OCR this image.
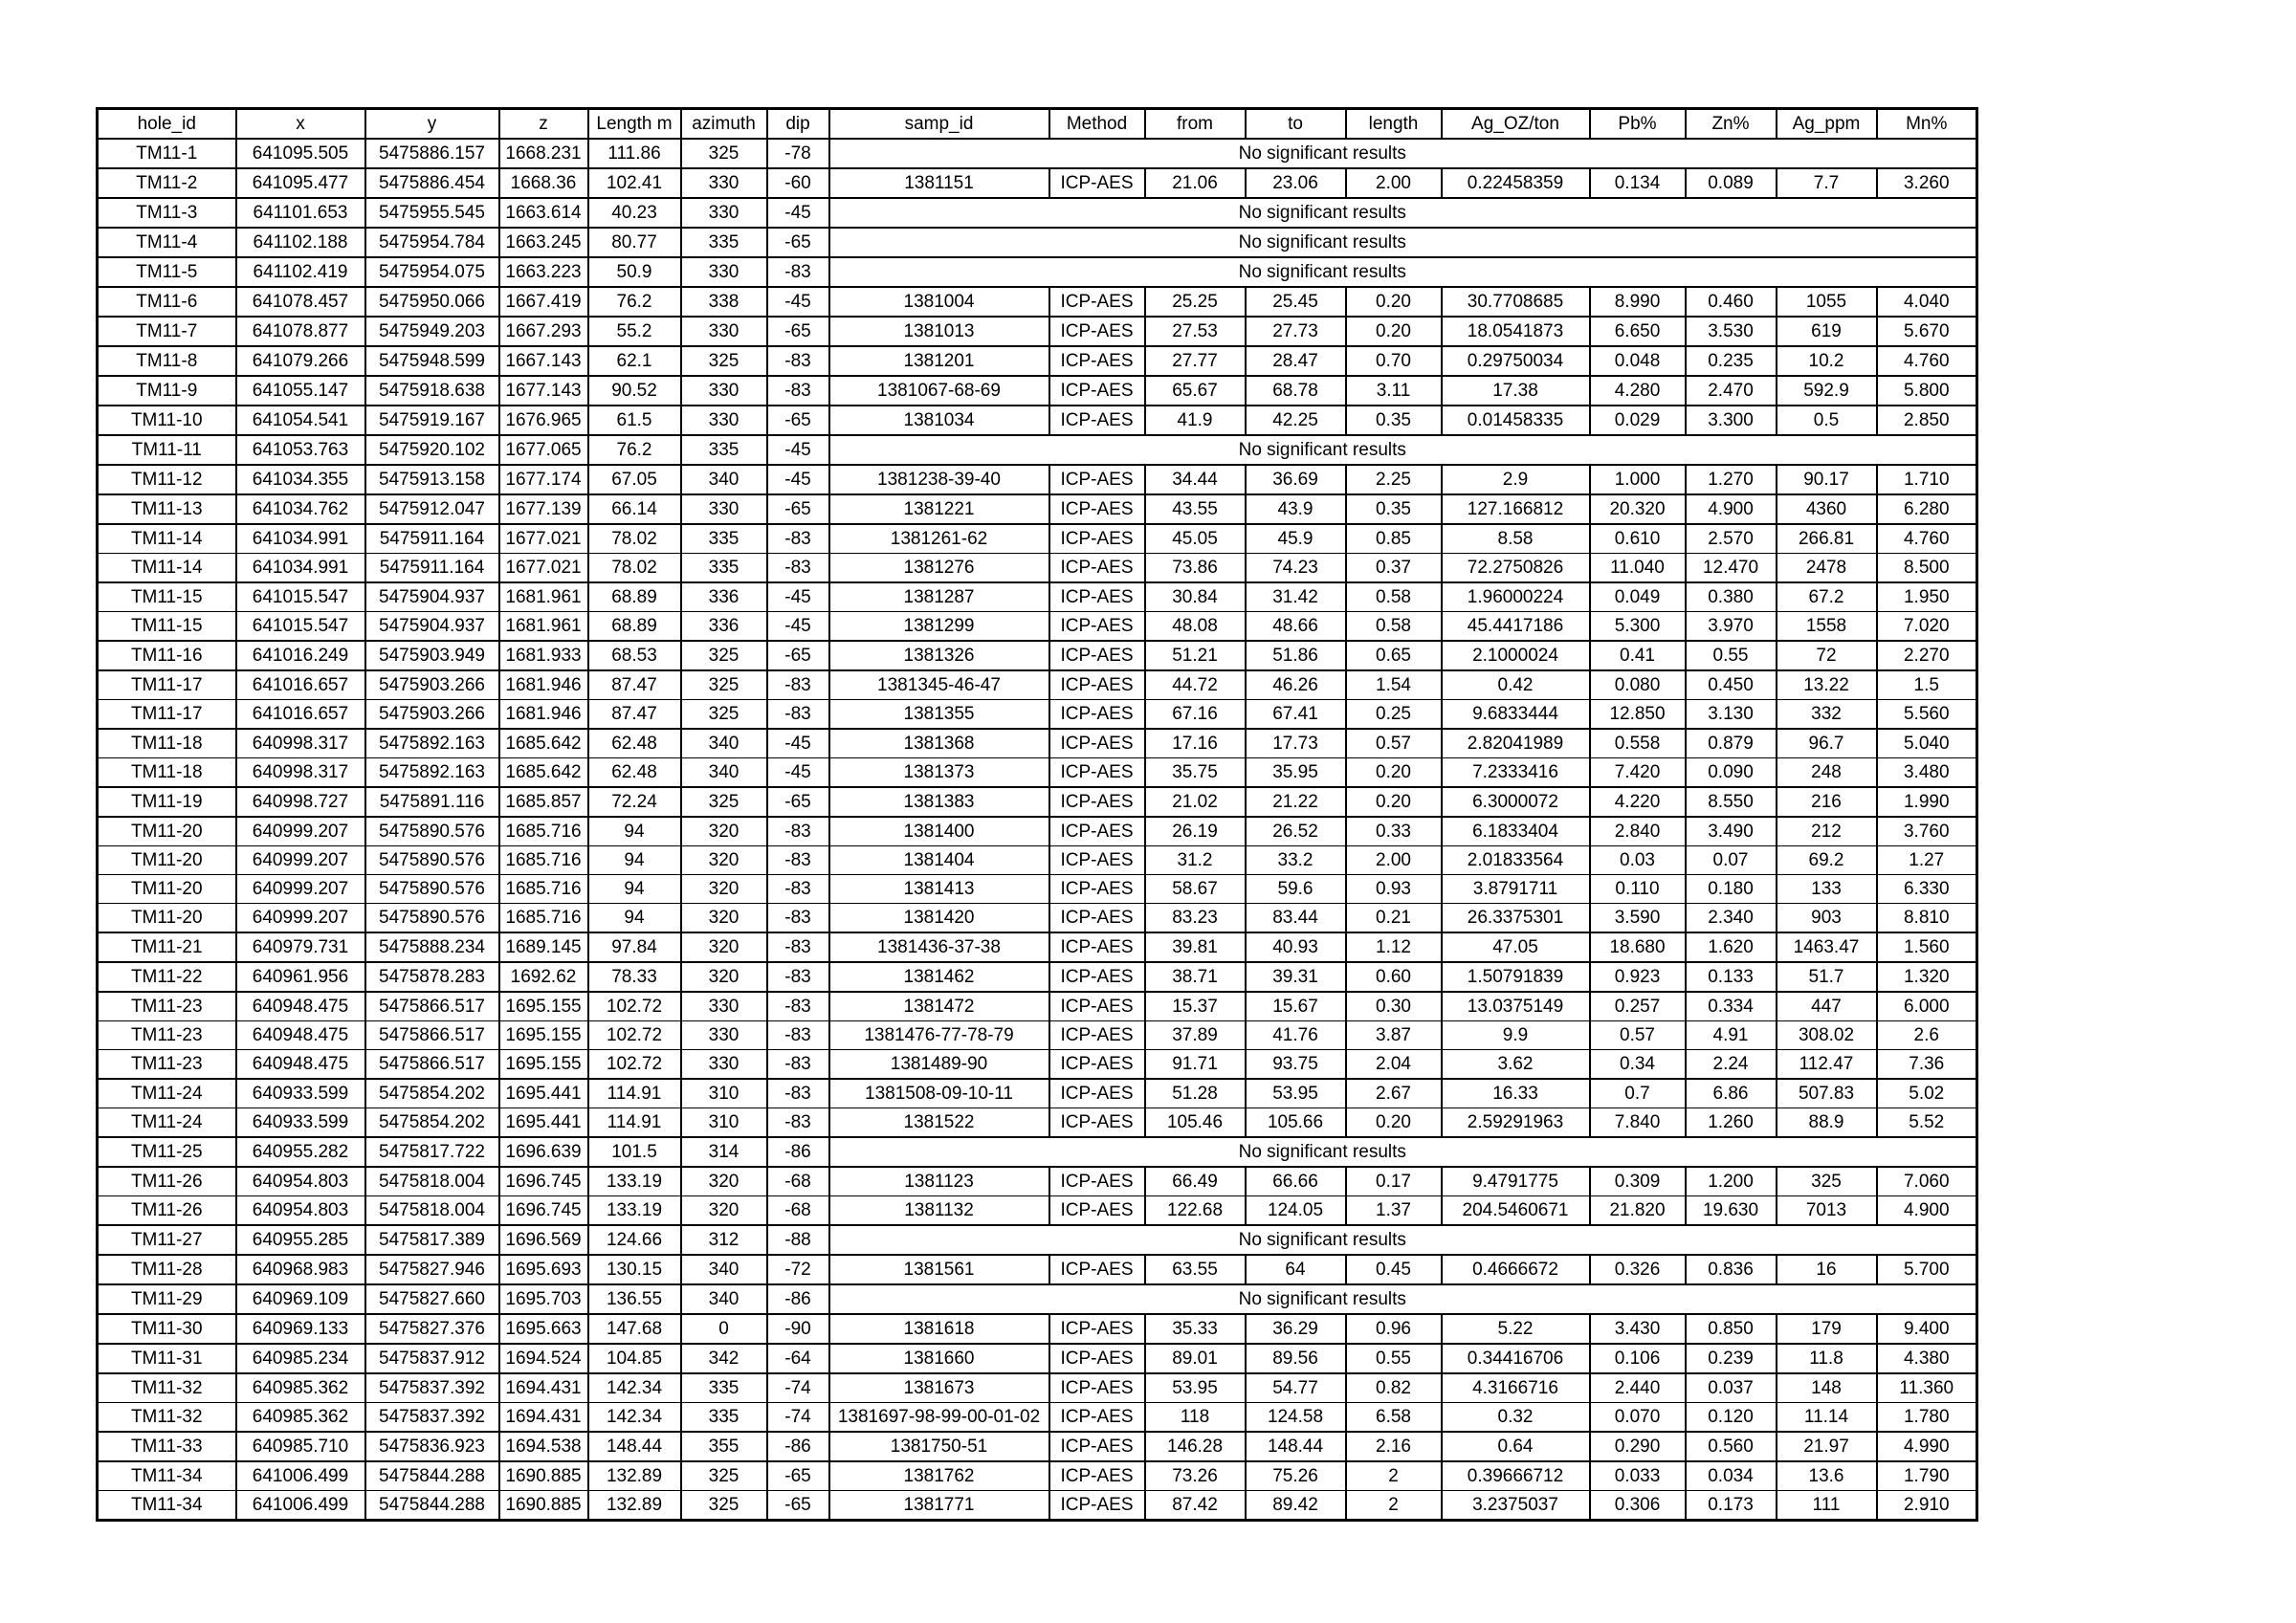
hole_id	x	y	z	Length m	azimuth	dip	samp_id	Method	from	to	length	Ag_OZ/ton	Pb%	Zn%	Ag_ppm	Mn%
TM11-1	641095.505	5475886.157	1668.231	111.86	325	-78	No significant results									
TM11-2	641095.477	5475886.454	1668.36	102.41	330	-60	1381151	ICP-AES	21.06	23.06	2.00	0.22458359	0.134	0.089	7.7	3.260
TM11-3	641101.653	5475955.545	1663.614	40.23	330	-45	No significant results									
TM11-4	641102.188	5475954.784	1663.245	80.77	335	-65	No significant results									
TM11-5	641102.419	5475954.075	1663.223	50.9	330	-83	No significant results									
TM11-6	641078.457	5475950.066	1667.419	76.2	338	-45	1381004	ICP-AES	25.25	25.45	0.20	30.7708685	8.990	0.460	1055	4.040
TM11-7	641078.877	5475949.203	1667.293	55.2	330	-65	1381013	ICP-AES	27.53	27.73	0.20	18.0541873	6.650	3.530	619	5.670
TM11-8	641079.266	5475948.599	1667.143	62.1	325	-83	1381201	ICP-AES	27.77	28.47	0.70	0.29750034	0.048	0.235	10.2	4.760
TM11-9	641055.147	5475918.638	1677.143	90.52	330	-83	1381067-68-69	ICP-AES	65.67	68.78	3.11	17.38	4.280	2.470	592.9	5.800
TM11-10	641054.541	5475919.167	1676.965	61.5	330	-65	1381034	ICP-AES	41.9	42.25	0.35	0.01458335	0.029	3.300	0.5	2.850
TM11-11	641053.763	5475920.102	1677.065	76.2	335	-45	No significant results									
TM11-12	641034.355	5475913.158	1677.174	67.05	340	-45	1381238-39-40	ICP-AES	34.44	36.69	2.25	2.9	1.000	1.270	90.17	1.710
TM11-13	641034.762	5475912.047	1677.139	66.14	330	-65	1381221	ICP-AES	43.55	43.9	0.35	127.166812	20.320	4.900	4360	6.280
TM11-14	641034.991	5475911.164	1677.021	78.02	335	-83	1381261-62	ICP-AES	45.05	45.9	0.85	8.58	0.610	2.570	266.81	4.760
TM11-14	641034.991	5475911.164	1677.021	78.02	335	-83	1381276	ICP-AES	73.86	74.23	0.37	72.2750826	11.040	12.470	2478	8.500
TM11-15	641015.547	5475904.937	1681.961	68.89	336	-45	1381287	ICP-AES	30.84	31.42	0.58	1.96000224	0.049	0.380	67.2	1.950
TM11-15	641015.547	5475904.937	1681.961	68.89	336	-45	1381299	ICP-AES	48.08	48.66	0.58	45.4417186	5.300	3.970	1558	7.020
TM11-16	641016.249	5475903.949	1681.933	68.53	325	-65	1381326	ICP-AES	51.21	51.86	0.65	2.1000024	0.41	0.55	72	2.270
TM11-17	641016.657	5475903.266	1681.946	87.47	325	-83	1381345-46-47	ICP-AES	44.72	46.26	1.54	0.42	0.080	0.450	13.22	1.5
TM11-17	641016.657	5475903.266	1681.946	87.47	325	-83	1381355	ICP-AES	67.16	67.41	0.25	9.6833444	12.850	3.130	332	5.560
TM11-18	640998.317	5475892.163	1685.642	62.48	340	-45	1381368	ICP-AES	17.16	17.73	0.57	2.82041989	0.558	0.879	96.7	5.040
TM11-18	640998.317	5475892.163	1685.642	62.48	340	-45	1381373	ICP-AES	35.75	35.95	0.20	7.2333416	7.420	0.090	248	3.480
TM11-19	640998.727	5475891.116	1685.857	72.24	325	-65	1381383	ICP-AES	21.02	21.22	0.20	6.3000072	4.220	8.550	216	1.990
TM11-20	640999.207	5475890.576	1685.716	94	320	-83	1381400	ICP-AES	26.19	26.52	0.33	6.1833404	2.840	3.490	212	3.760
TM11-20	640999.207	5475890.576	1685.716	94	320	-83	1381404	ICP-AES	31.2	33.2	2.00	2.01833564	0.03	0.07	69.2	1.27
TM11-20	640999.207	5475890.576	1685.716	94	320	-83	1381413	ICP-AES	58.67	59.6	0.93	3.8791711	0.110	0.180	133	6.330
TM11-20	640999.207	5475890.576	1685.716	94	320	-83	1381420	ICP-AES	83.23	83.44	0.21	26.3375301	3.590	2.340	903	8.810
TM11-21	640979.731	5475888.234	1689.145	97.84	320	-83	1381436-37-38	ICP-AES	39.81	40.93	1.12	47.05	18.680	1.620	1463.47	1.560
TM11-22	640961.956	5475878.283	1692.62	78.33	320	-83	1381462	ICP-AES	38.71	39.31	0.60	1.50791839	0.923	0.133	51.7	1.320
TM11-23	640948.475	5475866.517	1695.155	102.72	330	-83	1381472	ICP-AES	15.37	15.67	0.30	13.0375149	0.257	0.334	447	6.000
TM11-23	640948.475	5475866.517	1695.155	102.72	330	-83	1381476-77-78-79	ICP-AES	37.89	41.76	3.87	9.9	0.57	4.91	308.02	2.6
TM11-23	640948.475	5475866.517	1695.155	102.72	330	-83	1381489-90	ICP-AES	91.71	93.75	2.04	3.62	0.34	2.24	112.47	7.36
TM11-24	640933.599	5475854.202	1695.441	114.91	310	-83	1381508-09-10-11	ICP-AES	51.28	53.95	2.67	16.33	0.7	6.86	507.83	5.02
TM11-24	640933.599	5475854.202	1695.441	114.91	310	-83	1381522	ICP-AES	105.46	105.66	0.20	2.59291963	7.840	1.260	88.9	5.52
TM11-25	640955.282	5475817.722	1696.639	101.5	314	-86	No significant results									
TM11-26	640954.803	5475818.004	1696.745	133.19	320	-68	1381123	ICP-AES	66.49	66.66	0.17	9.4791775	0.309	1.200	325	7.060
TM11-26	640954.803	5475818.004	1696.745	133.19	320	-68	1381132	ICP-AES	122.68	124.05	1.37	204.5460671	21.820	19.630	7013	4.900
TM11-27	640955.285	5475817.389	1696.569	124.66	312	-88	No significant results									
TM11-28	640968.983	5475827.946	1695.693	130.15	340	-72	1381561	ICP-AES	63.55	64	0.45	0.4666672	0.326	0.836	16	5.700
TM11-29	640969.109	5475827.660	1695.703	136.55	340	-86	No significant results									
TM11-30	640969.133	5475827.376	1695.663	147.68	0	-90	1381618	ICP-AES	35.33	36.29	0.96	5.22	3.430	0.850	179	9.400
TM11-31	640985.234	5475837.912	1694.524	104.85	342	-64	1381660	ICP-AES	89.01	89.56	0.55	0.34416706	0.106	0.239	11.8	4.380
TM11-32	640985.362	5475837.392	1694.431	142.34	335	-74	1381673	ICP-AES	53.95	54.77	0.82	4.3166716	2.440	0.037	148	11.360
TM11-32	640985.362	5475837.392	1694.431	142.34	335	-74	1381697-98-99-00-01-02	ICP-AES	118	124.58	6.58	0.32	0.070	0.120	11.14	1.780
TM11-33	640985.710	5475836.923	1694.538	148.44	355	-86	1381750-51	ICP-AES	146.28	148.44	2.16	0.64	0.290	0.560	21.97	4.990
TM11-34	641006.499	5475844.288	1690.885	132.89	325	-65	1381762	ICP-AES	73.26	75.26	2	0.39666712	0.033	0.034	13.6	1.790
TM11-34	641006.499	5475844.288	1690.885	132.89	325	-65	1381771	ICP-AES	87.42	89.42	2	3.2375037	0.306	0.173	111	2.910
